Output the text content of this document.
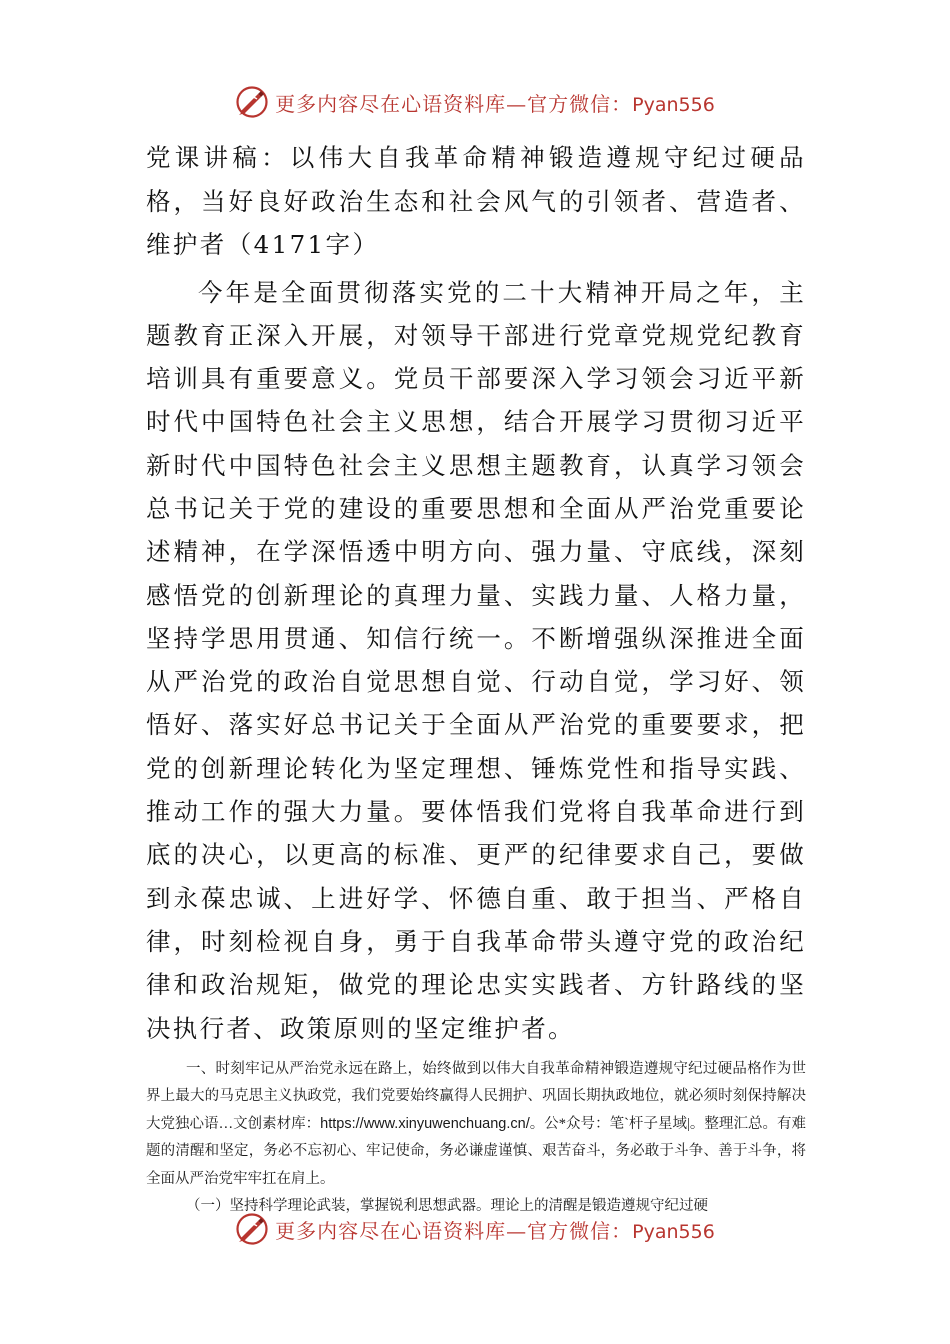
更多内容尽在心语资料库—官方微信：Pyan556
党课讲稿：以伟大自我革命精神锻造遵规守纪过硬品格，当好良好政治生态和社会风气的引领者、营造者、维护者（4171字）

今年是全面贯彻落实党的二十大精神开局之年，主题教育正深入开展，对领导干部进行党章党规党纪教育培训具有重要意义。党员干部要深入学习领会习近平新时代中国特色社会主义思想，结合开展学习贯彻习近平新时代中国特色社会主义思想主题教育，认真学习领会总书记关于党的建设的重要思想和全面从严治党重要论述精神，在学深悟透中明方向、强力量、守底线，深刻感悟党的创新理论的真理力量、实践力量、人格力量，坚持学思用贯通、知信行统一。不断增强纵深推进全面从严治党的政治自觉思想自觉、行动自觉，学习好、领悟好、落实好总书记关于全面从严治党的重要要求，把党的创新理论转化为坚定理想、锤炼党性和指导实践、推动工作的强大力量。要体悟我们党将自我革命进行到底的决心，以更高的标准、更严的纪律要求自己，要做到永葆忠诚、上进好学、怀德自重、敢于担当、严格自律，时刻检视自身，勇于自我革命带头遵守党的政治纪律和政治规矩，做党的理论忠实实践者、方针路线的坚决执行者、政策原则的坚定维护者。

一、时刻牢记从严治党永远在路上，始终做到以伟大自我革命精神锻造遵规守纪过硬品格作为世界上最大的马克思主义执政党，我们党要始终赢得人民拥护、巩固长期执政地位，就必须时刻保持解决大党独心语…文创素材库：https://www.xinyuwenchuang.cn/。公*众号：笔`杆子星域|。整理汇总。有难题的清醒和坚定，务必不忘初心、牢记使命，务必谦虚谨慎、艰苦奋斗，务必敢于斗争、善于斗争，将全面从严治党牢牢扛在肩上。

（一）坚持科学理论武装，掌握锐利思想武器。理论上的清醒是锻造遵规守纪过硬

更多内容尽在心语资料库—官方微信：Pyan556
